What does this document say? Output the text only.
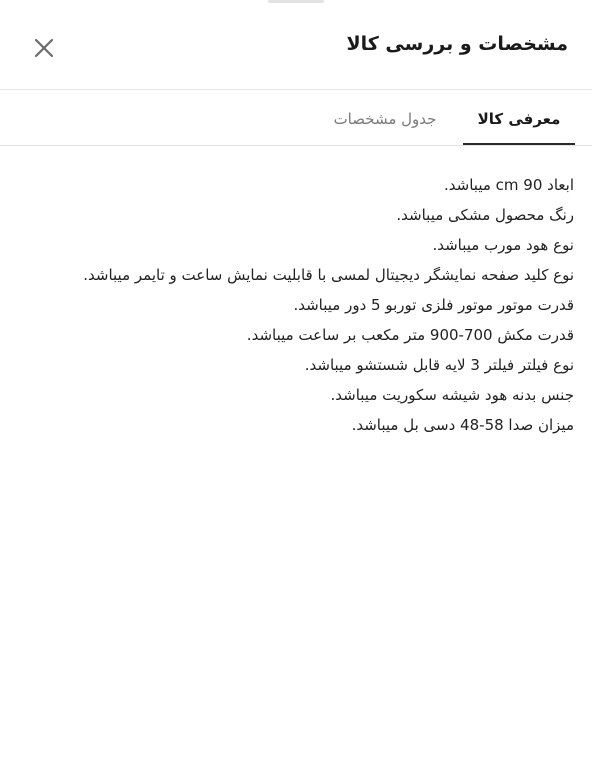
مشخصات و بررسی کالا
معرفی کالا
جدول مشخصات

ابعاد 90 cm میباشد.

رنگ محصول مشکی میباشد.

نوع هود مورب میباشد.

نوع کلید صفحه نمایشگر دیجیتال لمسی با قابلیت نمایش ساعت و تایمر میباشد.

قدرت موتور موتور فلزی توربو 5 دور میباشد.

قدرت مکش 700-900 متر مکعب بر ساعت میباشد.

نوع فیلتر فیلتر 3 لایه قابل شستشو میباشد.

جنس بدنه هود شیشه سکوریت میباشد.

میزان صدا 58-48 دسی بل میباشد.
